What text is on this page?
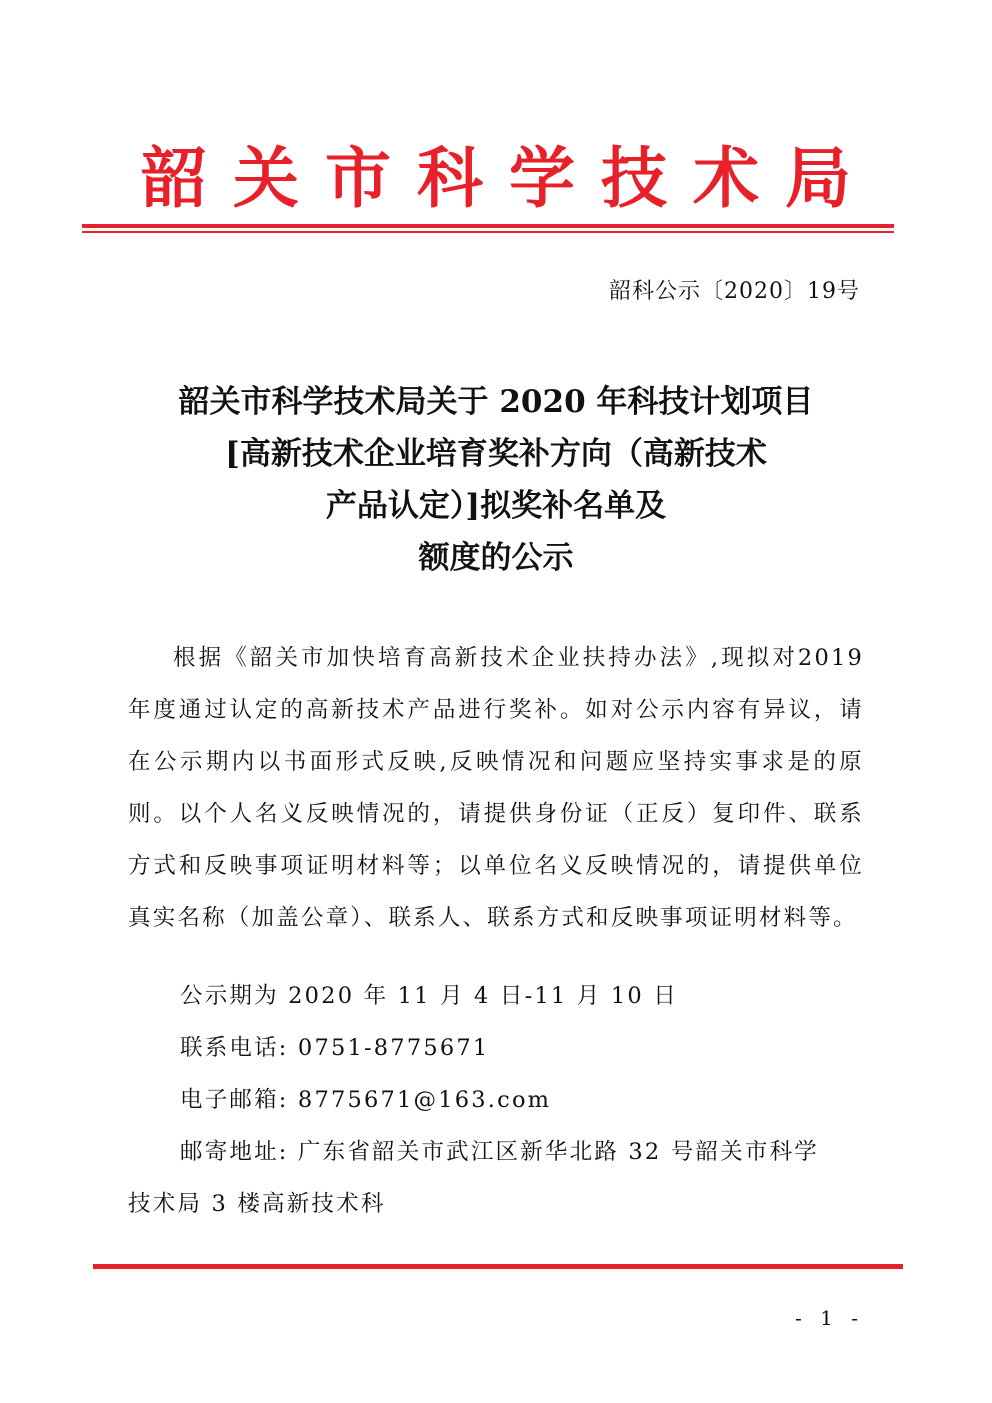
韶关市科学技术局
韶科公示〔2020〕19号
韶关市科学技术局关于 2020 年科技计划项目
[高新技术企业培育奖补方向（高新技术
产品认定）]拟奖补名单及
额度的公示

根据《韶关市加快培育高新技术企业扶持办法》,现拟对2019年度通过认定的高新技术产品进行奖补。如对公示内容有异议，请在公示期内以书面形式反映,反映情况和问题应坚持实事求是的原则。以个人名义反映情况的，请提供身份证（正反）复印件、联系方式和反映事项证明材料等；以单位名义反映情况的，请提供单位真实名称（加盖公章）、联系人、联系方式和反映事项证明材料等。

公示期为 2020 年 11 月 4 日-11 月 10 日
联系电话: 0751-8775671
电子邮箱: 8775671@163.com
邮寄地址: 广东省韶关市武江区新华北路 32 号韶关市科学
技术局 3 楼高新技术科
- 1 -
